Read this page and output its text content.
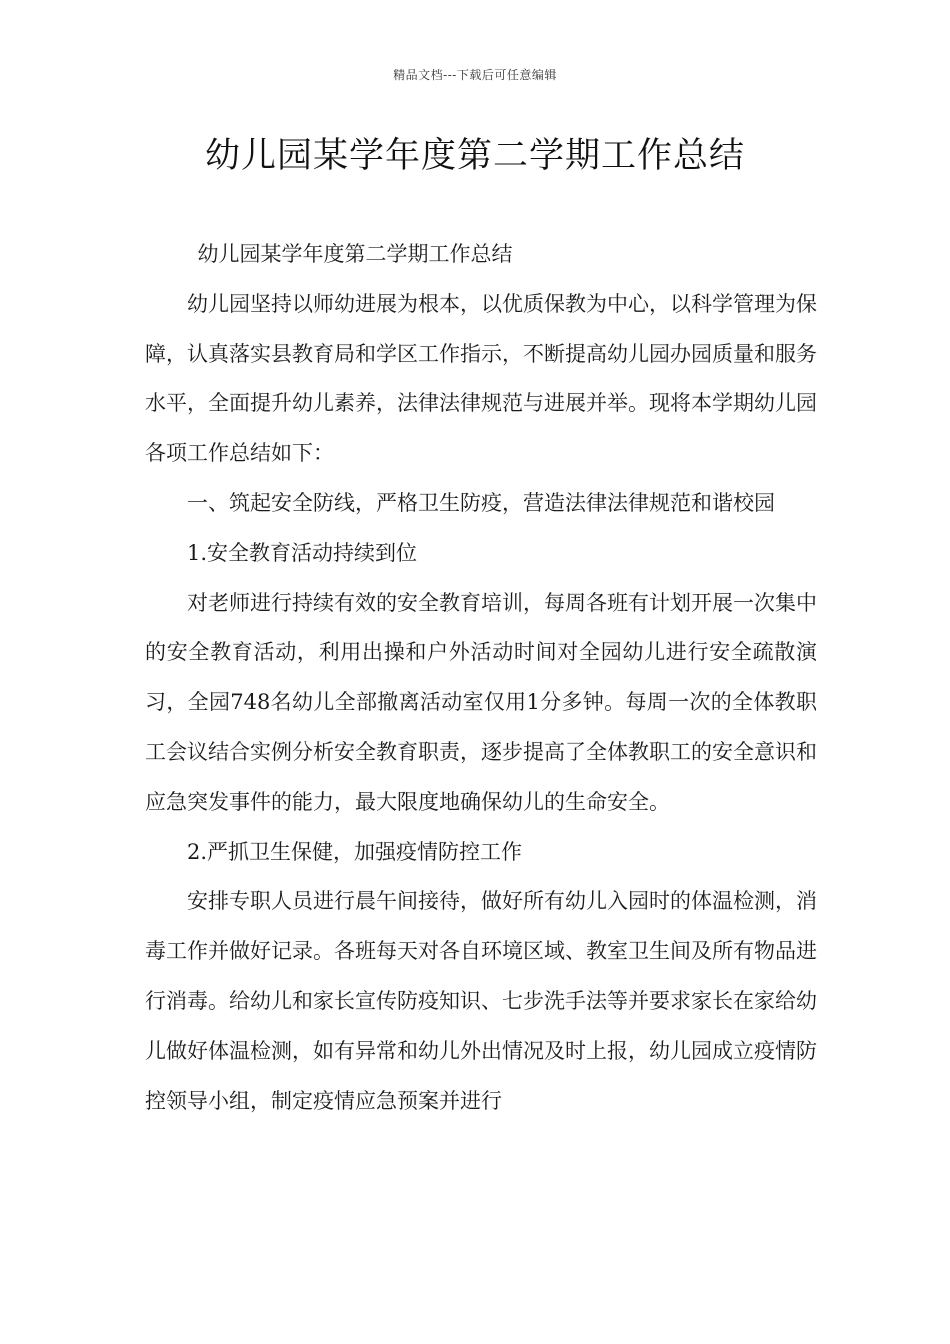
精品文档---下载后可任意编辑
幼儿园某学年度第二学期工作总结

幼儿园某学年度第二学期工作总结

幼儿园坚持以师幼进展为根本，以优质保教为中心，以科学管理为保障，认真落实县教育局和学区工作指示，不断提高幼儿园办园质量和服务水平，全面提升幼儿素养，法律法律规范与进展并举。现将本学期幼儿园各项工作总结如下：

一、筑起安全防线，严格卫生防疫，营造法律法律规范和谐校园

1.安全教育活动持续到位

对老师进行持续有效的安全教育培训，每周各班有计划开展一次集中的安全教育活动，利用出操和户外活动时间对全园幼儿进行安全疏散演习，全园748名幼儿全部撤离活动室仅用1分多钟。每周一次的全体教职工会议结合实例分析安全教育职责，逐步提高了全体教职工的安全意识和应急突发事件的能力，最大限度地确保幼儿的生命安全。

2.严抓卫生保健，加强疫情防控工作

安排专职人员进行晨午间接待，做好所有幼儿入园时的体温检测，消毒工作并做好记录。各班每天对各自环境区域、教室卫生间及所有物品进行消毒。给幼儿和家长宣传防疫知识、七步洗手法等并要求家长在家给幼儿做好体温检测，如有异常和幼儿外出情况及时上报，幼儿园成立疫情防控领导小组，制定疫情应急预案并进行
